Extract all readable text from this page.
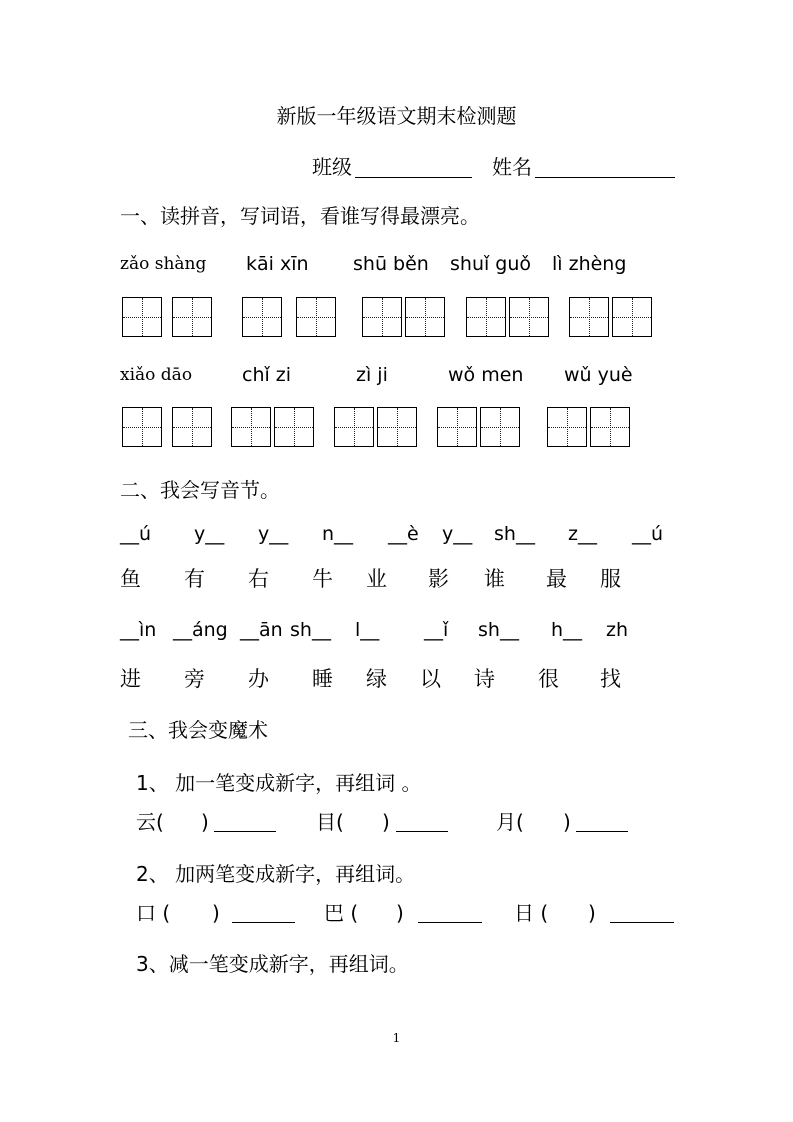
新版一年级语文期末检测题
班级	姓名
一、读拼音，写词语，看谁写得最漂亮。
zǎo shàng kāi xīn shū běn shuǐ guǒ lì zhèng
xiǎo dāo	chǐ zi	zì ji	wǒ men wǔ yuè
二、我会写音节。
__ú y__ y__ n__ __è y__ sh__ z__ __ú
鱼 有 右 牛 业 影 谁 最 服
__ìn __áng __ān sh__ l__ __ǐ sh__ h__ zh
进 旁 办 睡 绿 以 诗 很 找
三、我会变魔术
1、 加一笔变成新字，再组词 。
云( )	目( )	月( )
2、 加两笔变成新字，再组词。
口 ( )	巴 ( )	日 ( )
3、减一笔变成新字，再组词。
1
